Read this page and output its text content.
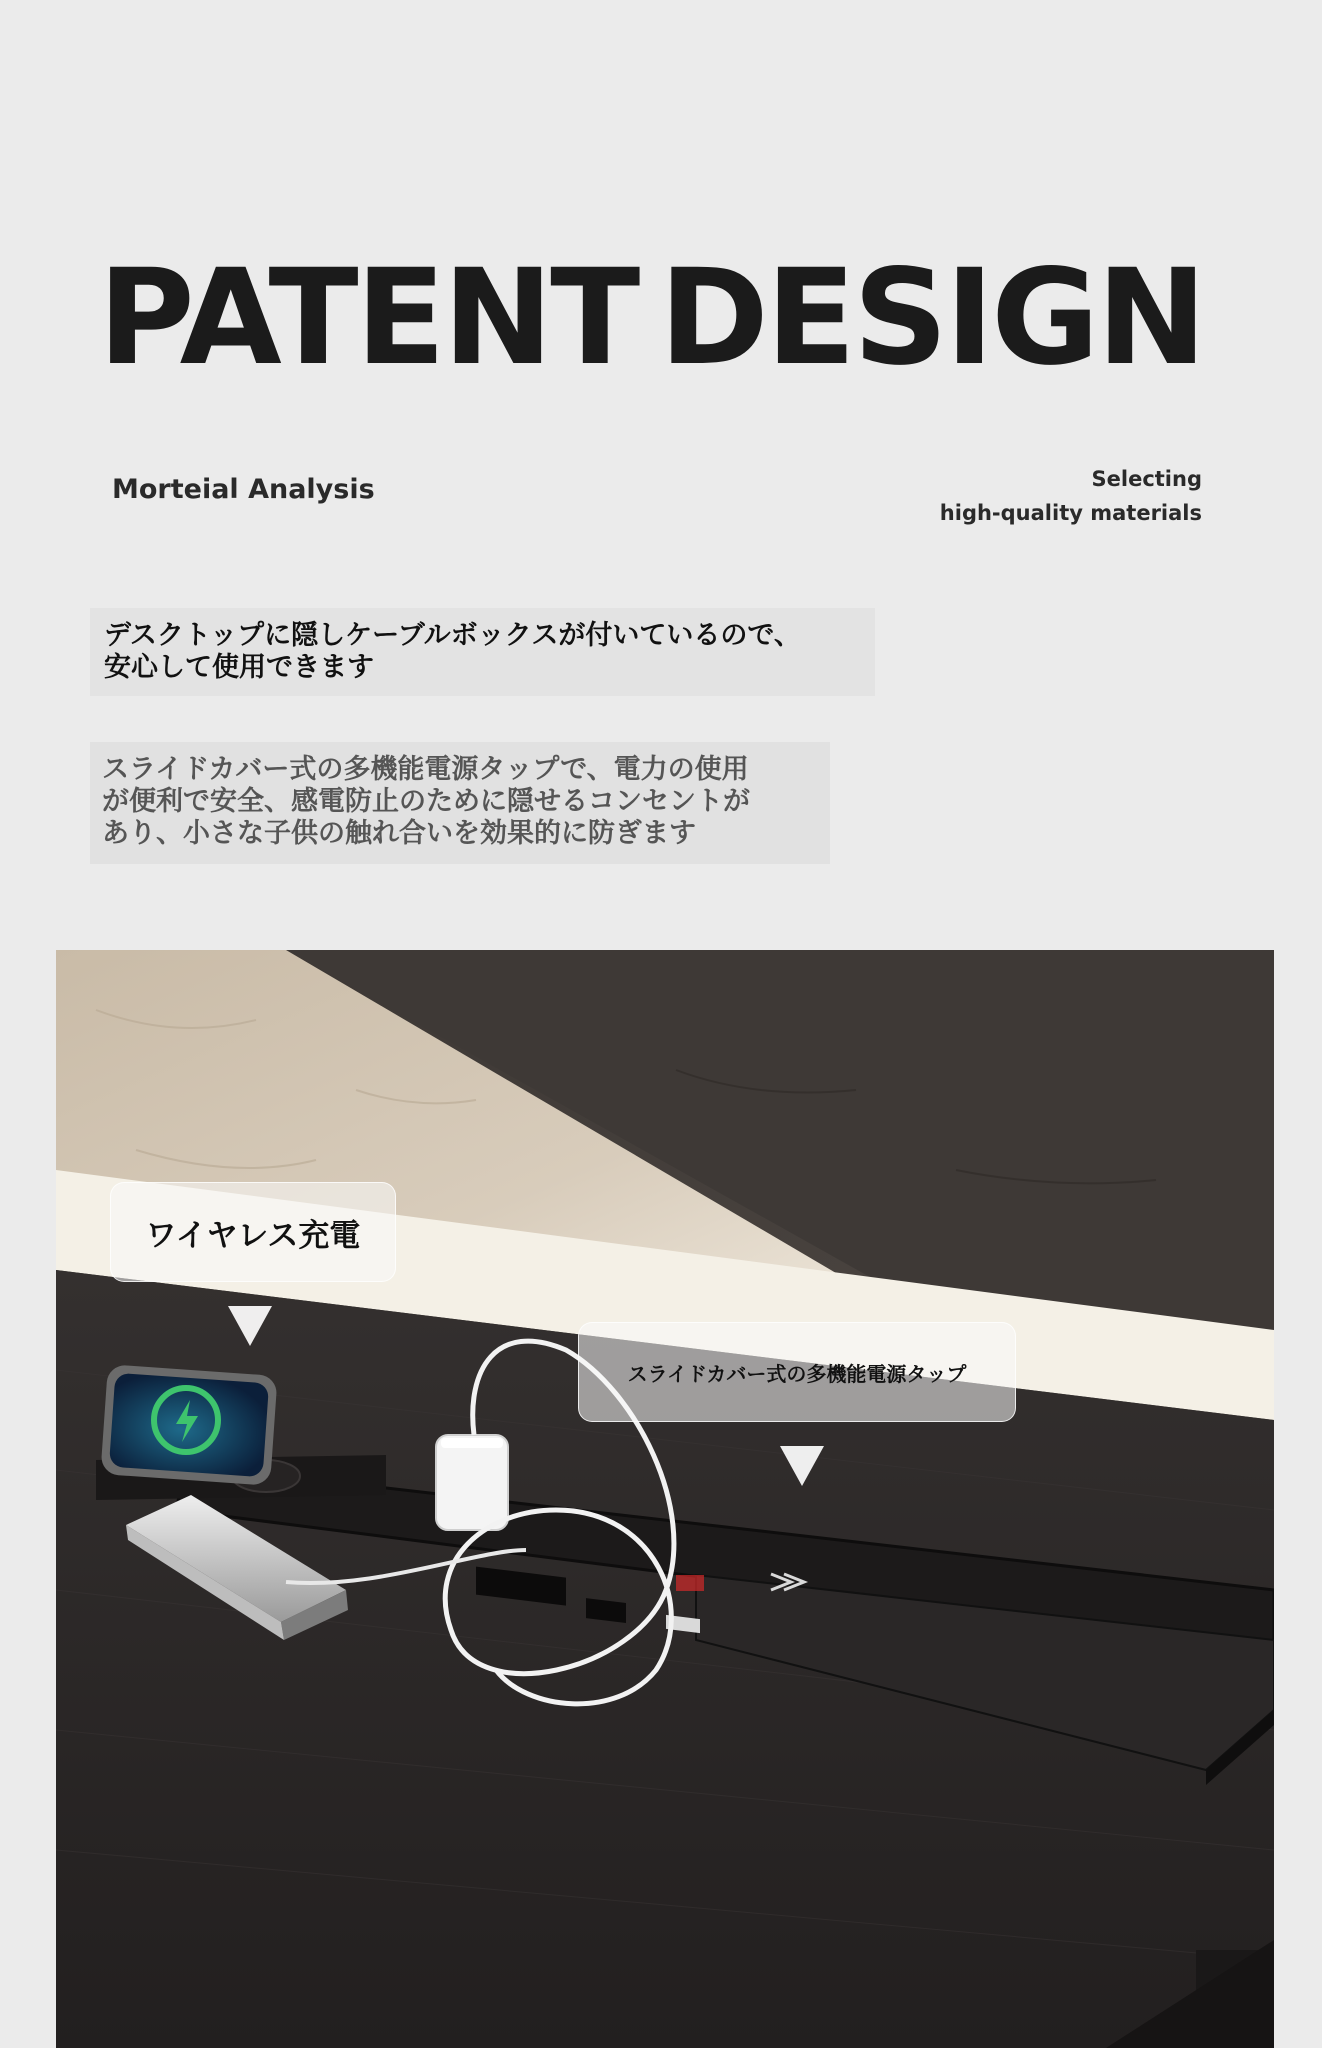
PATENT DESIGN
Morteial Analysis	Selecting
high-quality materials

デスクトップに隠しケーブルボックスが付いているので、

安心して使用できます

スライドカバー式の多機能電源タップで、電力の使用

が便利で安全、感電防止のために隠せるコンセントが

あり、小さな子供の触れ合いを効果的に防ぎます

ワイヤレス充電
スライドカバー式の多機能電源タップ
